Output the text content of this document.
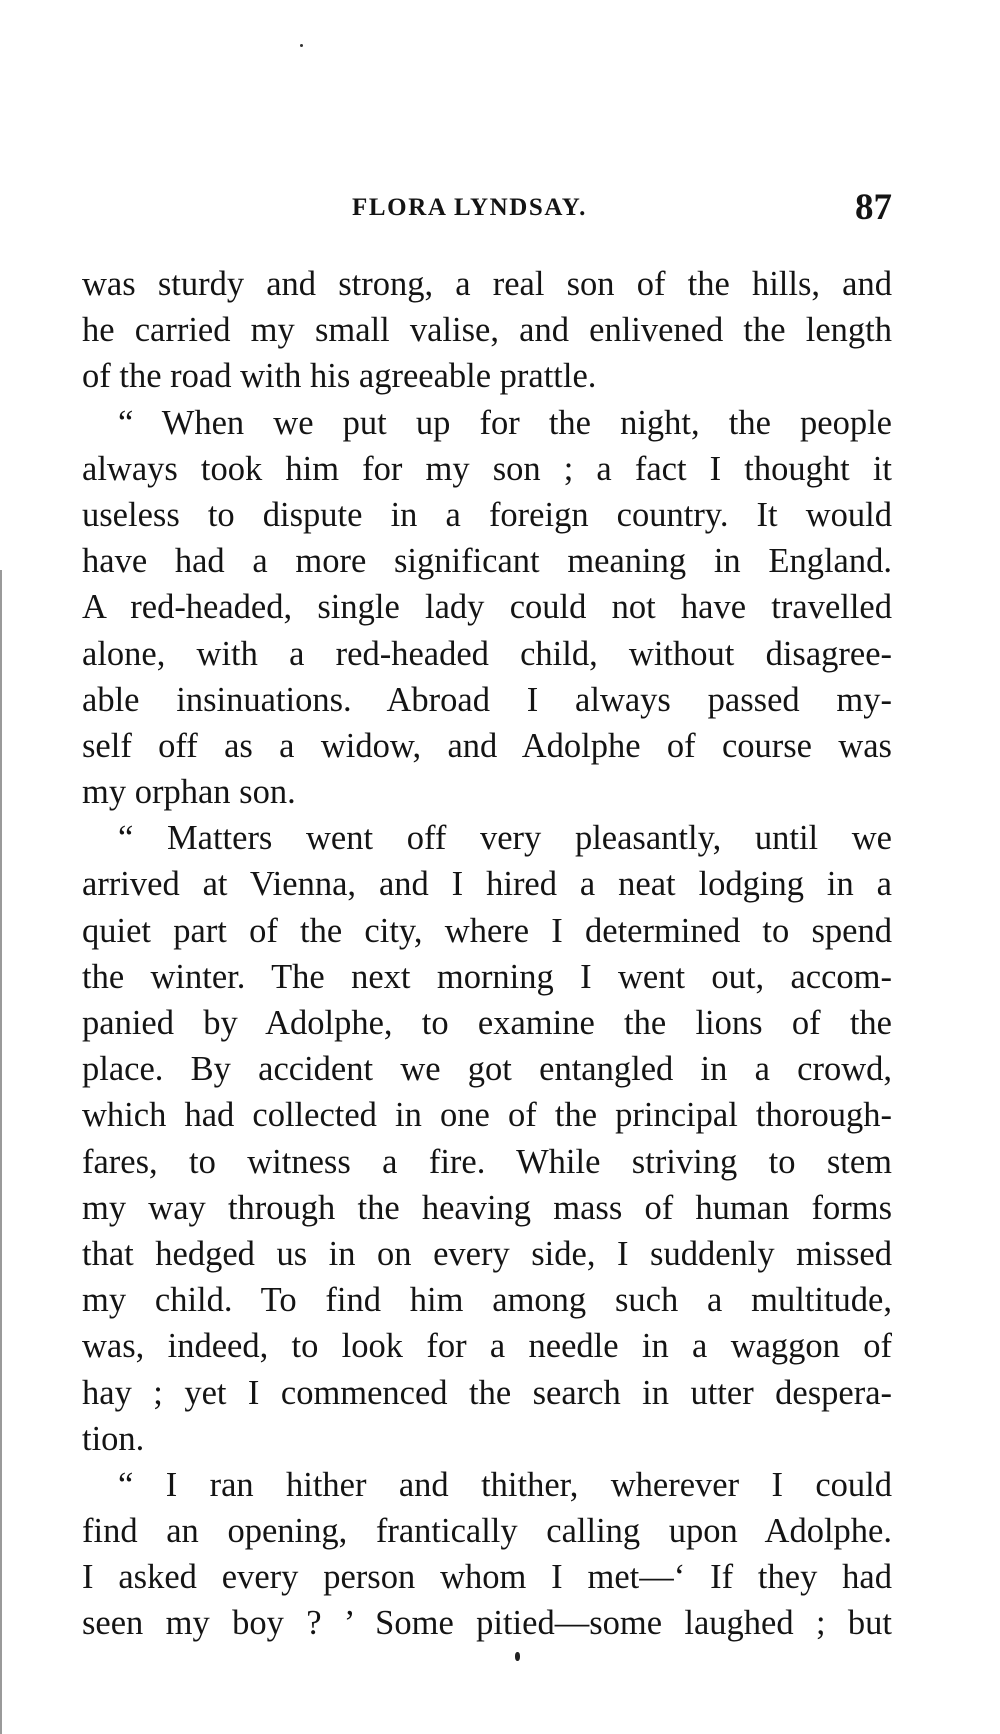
FLORA LYNDSAY.	87
was sturdy and strong, a real son of the hills, and
he carried my small valise, and enlivened the length
of the road with his agreeable prattle.
“ When we put up for the night, the people
always took him for my son ; a fact I thought it
useless to dispute in a foreign country. It would
have had a more significant meaning in England.
A red-headed, single lady could not have travelled
alone, with a red-headed child, without disagree-
able insinuations. Abroad I always passed my-
self off as a widow, and Adolphe of course was
my orphan son.
“ Matters went off very pleasantly, until we
arrived at Vienna, and I hired a neat lodging in a
quiet part of the city, where I determined to spend
the winter. The next morning I went out, accom-
panied by Adolphe, to examine the lions of the
place. By accident we got entangled in a crowd,
which had collected in one of the principal thorough-
fares, to witness a fire. While striving to stem
my way through the heaving mass of human forms
that hedged us in on every side, I suddenly missed
my child. To find him among such a multitude,
was, indeed, to look for a needle in a waggon of
hay ; yet I commenced the search in utter despera-
tion.
“ I ran hither and thither, wherever I could
find an opening, frantically calling upon Adolphe.
I asked every person whom I met—‘ If they had
seen my boy ? ’ Some pitied—some laughed ; but
